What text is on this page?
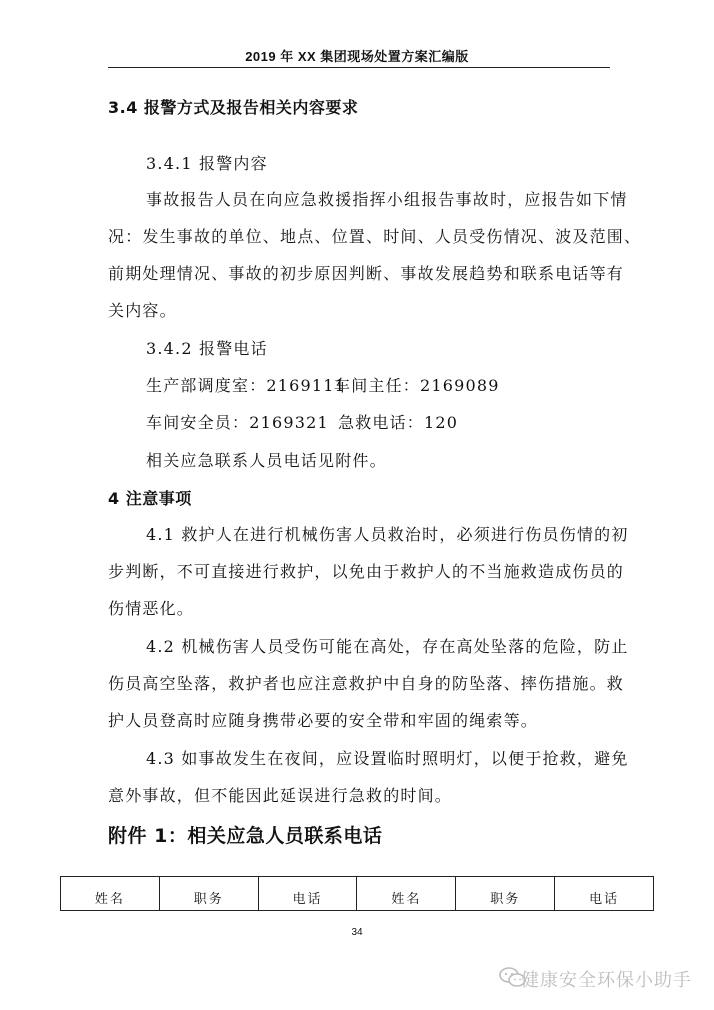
2019 年 XX 集团现场处置方案汇编版
3.4 报警方式及报告相关内容要求
3.4.1 报警内容
事故报告人员在向应急救援指挥小组报告事故时，应报告如下情
况：发生事故的单位、地点、位置、时间、人员受伤情况、波及范围、
前期处理情况、事故的初步原因判断、事故发展趋势和联系电话等有
关内容。
3.4.2 报警电话
生产部调度室：2169111
车间主任：2169089
车间安全员：2169321 急救电话：120
相关应急联系人员电话见附件。
4 注意事项
4.1 救护人在进行机械伤害人员救治时，必须进行伤员伤情的初
步判断，不可直接进行救护，以免由于救护人的不当施救造成伤员的
伤情恶化。
4.2 机械伤害人员受伤可能在高处，存在高处坠落的危险，防止
伤员高空坠落，救护者也应注意救护中自身的防坠落、摔伤措施。救
护人员登高时应随身携带必要的安全带和牢固的绳索等。
4.3 如事故发生在夜间，应设置临时照明灯，以便于抢救，避免
意外事故，但不能因此延误进行急救的时间。
附件 1：相关应急人员联系电话
姓名	职务	电话	姓名	职务	电话
34
健康安全环保小助手
